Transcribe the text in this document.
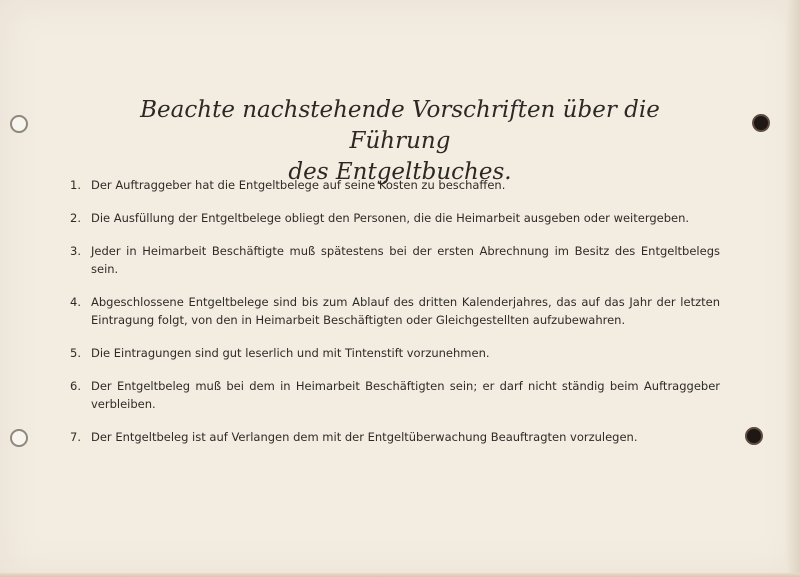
Beachte nachstehende Vorschriften über die Führung
des Entgeltbuches.
1. Der Auftraggeber hat die Entgeltbelege auf seine Kosten zu beschaffen.
2. Die Ausfüllung der Entgeltbelege obliegt den Personen, die die Heimarbeit ausgeben oder weitergeben.
3. Jeder in Heimarbeit Beschäftigte muß spätestens bei der ersten Abrechnung im Besitz des Entgeltbelegs sein.
4. Abgeschlossene Entgeltbelege sind bis zum Ablauf des dritten Kalenderjahres, das auf das Jahr der letzten Eintragung folgt, von den in Heimarbeit Beschäftigten oder Gleichgestellten aufzubewahren.
5. Die Eintragungen sind gut leserlich und mit Tintenstift vorzunehmen.
6. Der Entgeltbeleg muß bei dem in Heimarbeit Beschäftigten sein; er darf nicht ständig beim Auftraggeber verbleiben.
7. Der Entgeltbeleg ist auf Verlangen dem mit der Entgeltüberwachung Beauftragten vorzulegen.
